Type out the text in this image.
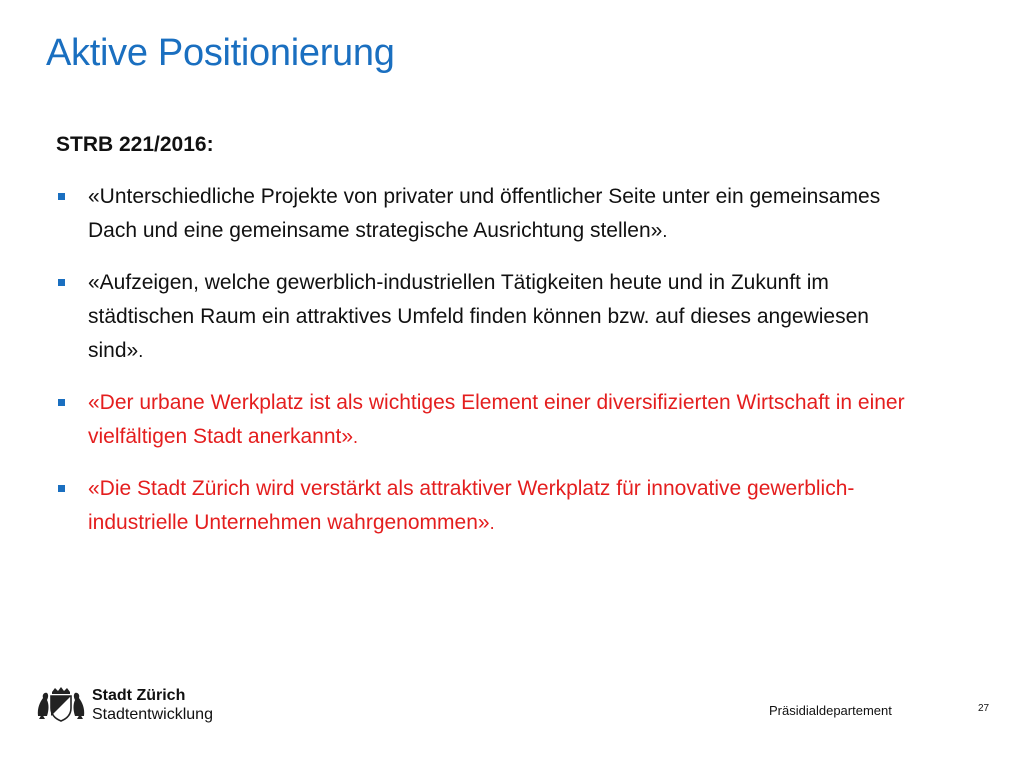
Aktive Positionierung
STRB 221/2016:
«Unterschiedliche Projekte von privater und öffentlicher Seite unter ein gemeinsames Dach und eine gemeinsame strategische Ausrichtung stellen».
«Aufzeigen, welche gewerblich-industriellen Tätigkeiten heute und in Zukunft im städtischen Raum ein attraktives Umfeld finden können bzw. auf dieses angewiesen sind».
«Der urbane Werkplatz ist als wichtiges Element einer diversifizierten Wirtschaft in einer vielfältigen Stadt anerkannt».
«Die Stadt Zürich wird verstärkt als attraktiver Werkplatz für innovative gewerblich-industrielle Unternehmen wahrgenommen».
Stadt Zürich
Stadtentwicklung	Präsidialdepartement	27
